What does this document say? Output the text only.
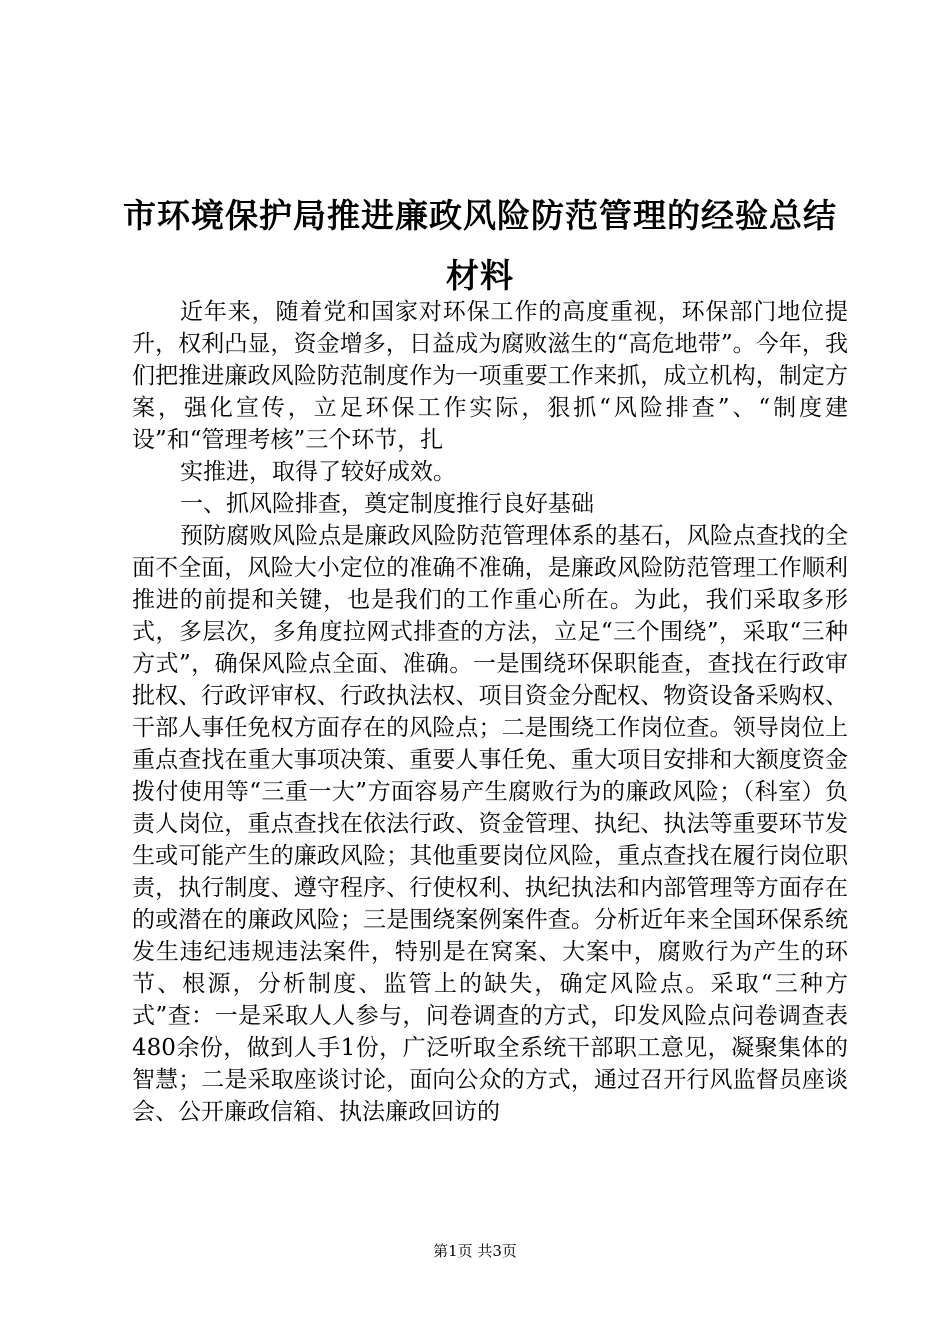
市环境保护局推进廉政风险防范管理的经验总结材料

近年来，随着党和国家对环保工作的高度重视，环保部门地位提升，权利凸显，资金增多，日益成为腐败滋生的“高危地带”。今年，我们把推进廉政风险防范制度作为一项重要工作来抓，成立机构，制定方案，强化宣传，立足环保工作实际，狠抓“风险排查”、“制度建设”和“管理考核”三个环节，扎

实推进，取得了较好成效。

一、抓风险排查，奠定制度推行良好基础

预防腐败风险点是廉政风险防范管理体系的基石，风险点查找的全面不全面，风险大小定位的准确不准确，是廉政风险防范管理工作顺利推进的前提和关键，也是我们的工作重心所在。为此，我们采取多形式，多层次，多角度拉网式排查的方法，立足“三个围绕”，采取“三种方式”，确保风险点全面、准确。一是围绕环保职能查，查找在行政审批权、行政评审权、行政执法权、项目资金分配权、物资设备采购权、干部人事任免权方面存在的风险点；二是围绕工作岗位查。领导岗位上重点查找在重大事项决策、重要人事任免、重大项目安排和大额度资金拨付使用等“三重一大”方面容易产生腐败行为的廉政风险；（科室）负责人岗位，重点查找在依法行政、资金管理、执纪、执法等重要环节发生或可能产生的廉政风险；其他重要岗位风险，重点查找在履行岗位职责，执行制度、遵守程序、行使权利、执纪执法和内部管理等方面存在的或潜在的廉政风险；三是围绕案例案件查。分析近年来全国环保系统发生违纪违规违法案件，特别是在窝案、大案中，腐败行为产生的环节、根源，分析制度、监管上的缺失，确定风险点。采取“三种方式”查：一是采取人人参与，问卷调查的方式，印发风险点问卷调查表480余份，做到人手1份，广泛听取全系统干部职工意见，凝聚集体的智慧；二是采取座谈讨论，面向公众的方式，通过召开行风监督员座谈会、公开廉政信箱、执法廉政回访的

第1页 共3页
